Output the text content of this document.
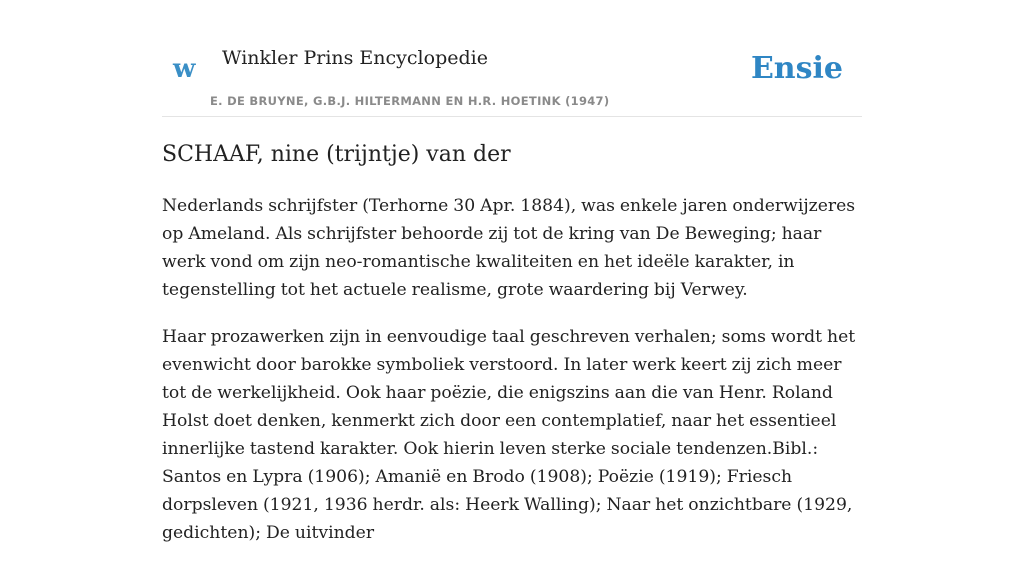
w Winkler Prins Encyclopedie
E. DE BRUYNE, G.B.J. HILTERMANN EN H.R. HOETINK (1947)
Ensie
SCHAAF, nine (trijntje) van der

Nederlands schrijfster (Terhorne 30 Apr. 1884), was enkele jaren onderwijzeres op Ameland. Als schrijfster behoorde zij tot de kring van De Beweging; haar werk vond om zijn neo-romantische kwaliteiten en het ideële karakter, in tegenstelling tot het actuele realisme, grote waardering bij Verwey.

Haar prozawerken zijn in eenvoudige taal geschreven verhalen; soms wordt het evenwicht door barokke symboliek verstoord. In later werk keert zij zich meer tot de werkelijkheid. Ook haar poëzie, die enigszins aan die van Henr. Roland Holst doet denken, kenmerkt zich door een contemplatief, naar het essentieel innerlijke tastend karakter. Ook hierin leven sterke sociale tendenzen.Bibl.: Santos en Lypra (1906); Amanië en Brodo (1908); Poëzie (1919); Friesch dorpsleven (1921, 1936 herdr. als: Heerk Walling); Naar het onzichtbare (1929, gedichten); De uitvinder
